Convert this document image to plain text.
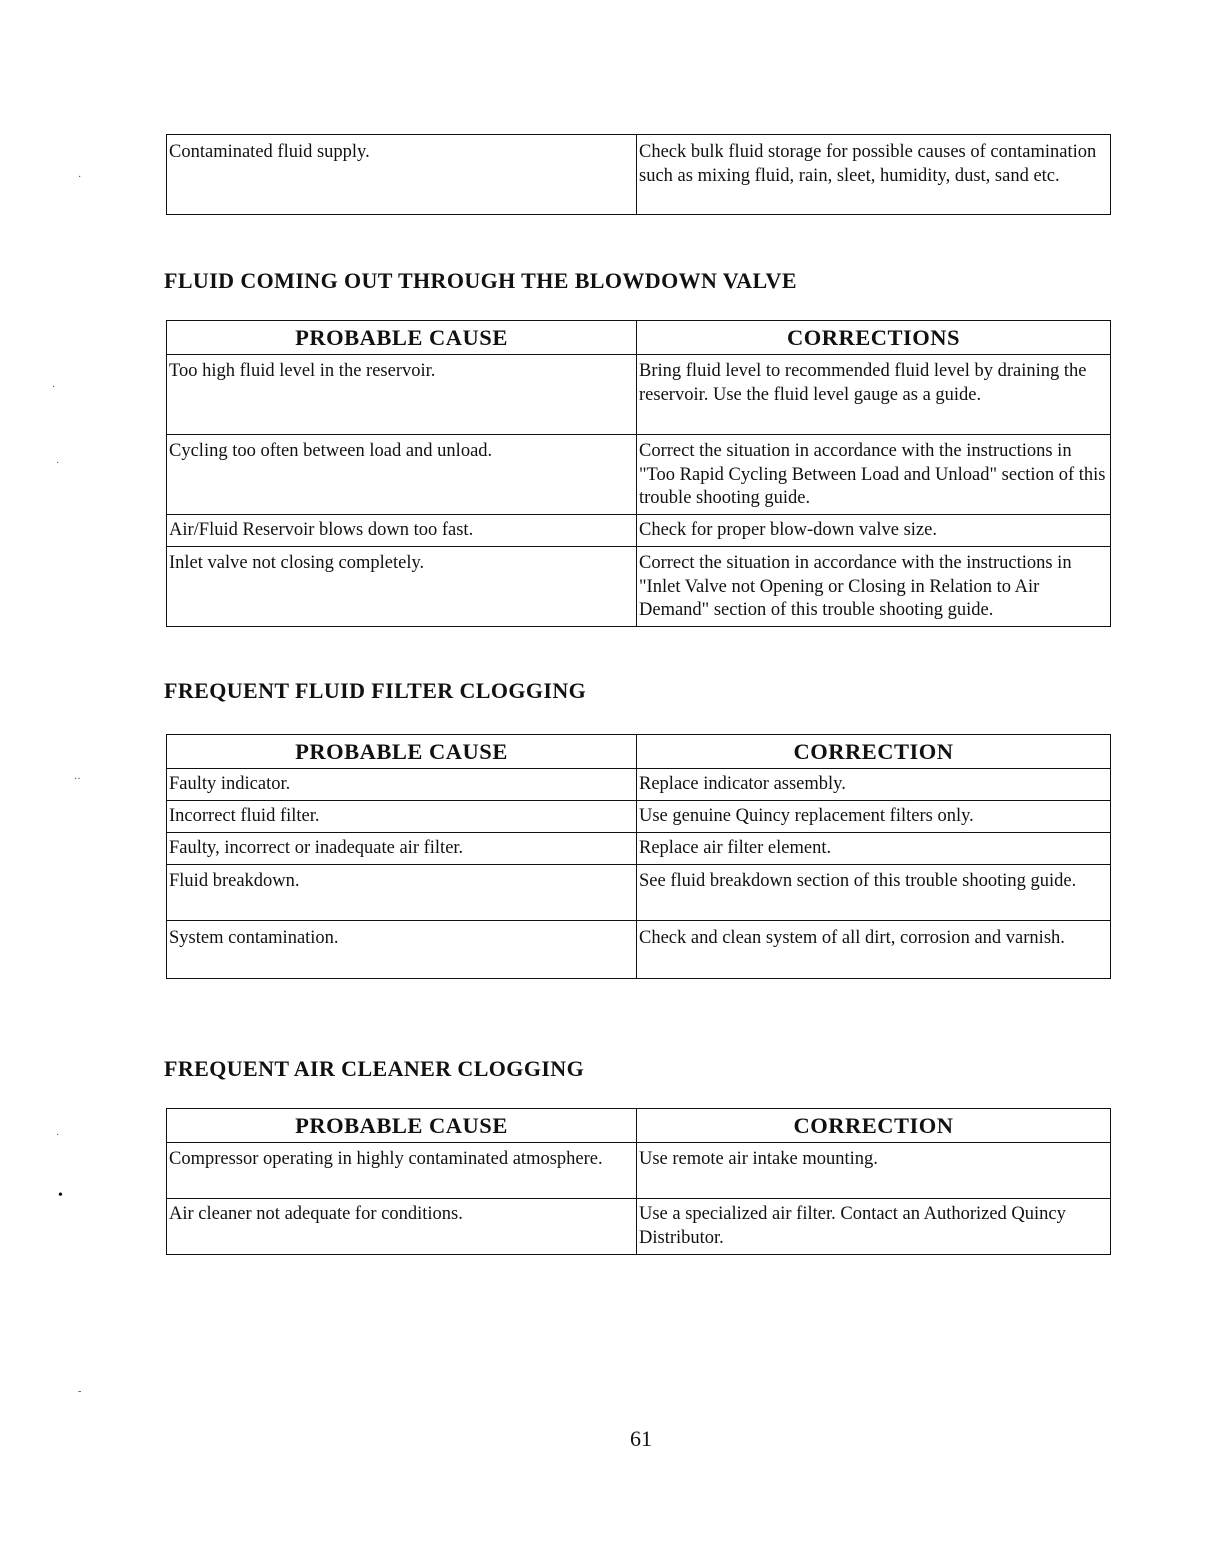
Contaminated fluid supply.	Check bulk fluid storage for possible causes of contamination such as mixing fluid, rain, sleet, humidity, dust, sand etc.
FLUID COMING OUT THROUGH THE BLOWDOWN VALVE
PROBABLE CAUSE	CORRECTIONS
Too high fluid level in the reservoir.	Bring fluid level to recommended fluid level by draining the reservoir. Use the fluid level gauge as a guide.
Cycling too often between load and unload.	Correct the situation in accordance with the instructions in "Too Rapid Cycling Between Load and Unload" section of this trouble shooting guide.
Air/Fluid Reservoir blows down too fast.	Check for proper blow-down valve size.
Inlet valve not closing completely.	Correct the situation in accordance with the instructions in "Inlet Valve not Opening or Closing in Relation to Air Demand" section of this trouble shooting guide.
FREQUENT FLUID FILTER CLOGGING
PROBABLE CAUSE	CORRECTION
Faulty indicator.	Replace indicator assembly.
Incorrect fluid filter.	Use genuine Quincy replacement filters only.
Faulty, incorrect or inadequate air filter.	Replace air filter element.
Fluid breakdown.	See fluid breakdown section of this trouble shooting guide.
System contamination.	Check and clean system of all dirt, corrosion and varnish.
FREQUENT AIR CLEANER CLOGGING
PROBABLE CAUSE	CORRECTION
Compressor operating in highly contaminated atmosphere.	Use remote air intake mounting.
Air cleaner not adequate for conditions.	Use a specialized air filter. Contact an Authorized Quincy Distributor.
61
·
·
·
··
·
•
-
